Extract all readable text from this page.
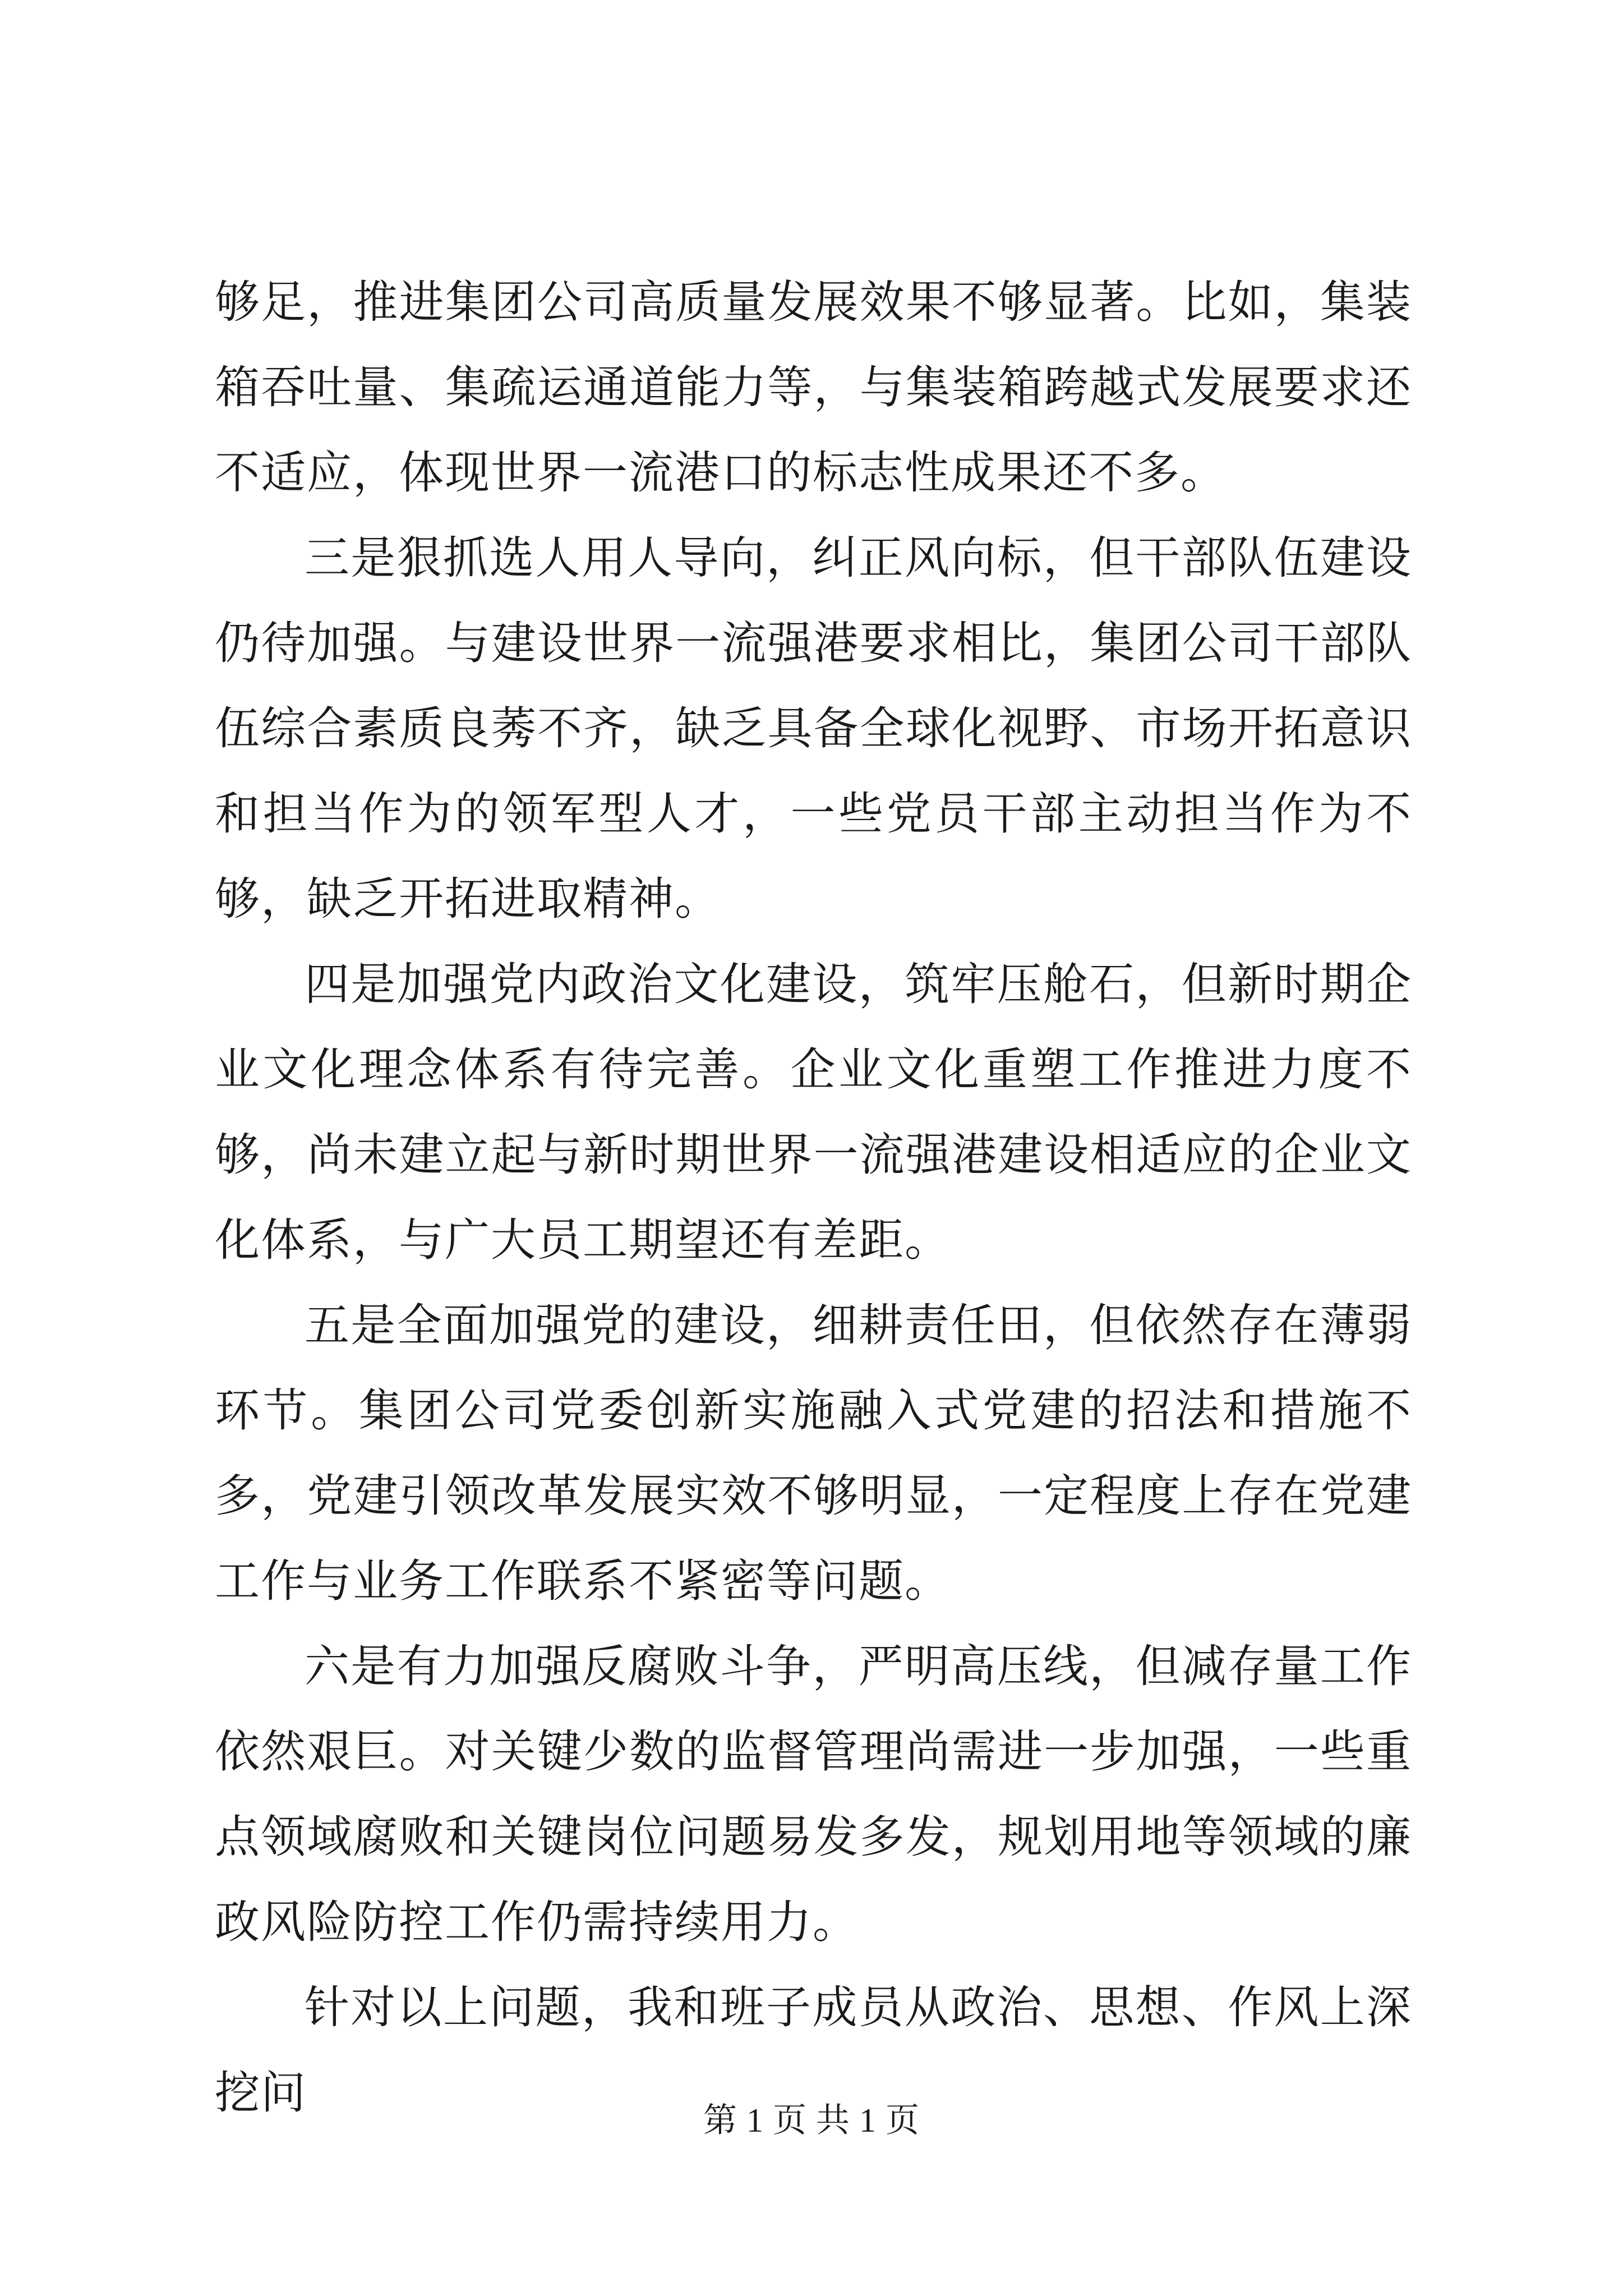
够足，推进集团公司高质量发展效果不够显著。比如，集装箱吞吐量、集疏运通道能力等，与集装箱跨越式发展要求还不适应，体现世界一流港口的标志性成果还不多。

三是狠抓选人用人导向，纠正风向标，但干部队伍建设仍待加强。与建设世界一流强港要求相比，集团公司干部队伍综合素质良莠不齐，缺乏具备全球化视野、市场开拓意识和担当作为的领军型人才，一些党员干部主动担当作为不够，缺乏开拓进取精神。

四是加强党内政治文化建设，筑牢压舱石，但新时期企业文化理念体系有待完善。企业文化重塑工作推进力度不够，尚未建立起与新时期世界一流强港建设相适应的企业文化体系，与广大员工期望还有差距。

五是全面加强党的建设，细耕责任田，但依然存在薄弱环节。集团公司党委创新实施融入式党建的招法和措施不多，党建引领改革发展实效不够明显，一定程度上存在党建工作与业务工作联系不紧密等问题。

六是有力加强反腐败斗争，严明高压线，但减存量工作依然艰巨。对关键少数的监督管理尚需进一步加强，一些重点领域腐败和关键岗位问题易发多发，规划用地等领域的廉政风险防控工作仍需持续用力。

针对以上问题，我和班子成员从政治、思想、作风上深挖问

第 1 页 共 1 页
